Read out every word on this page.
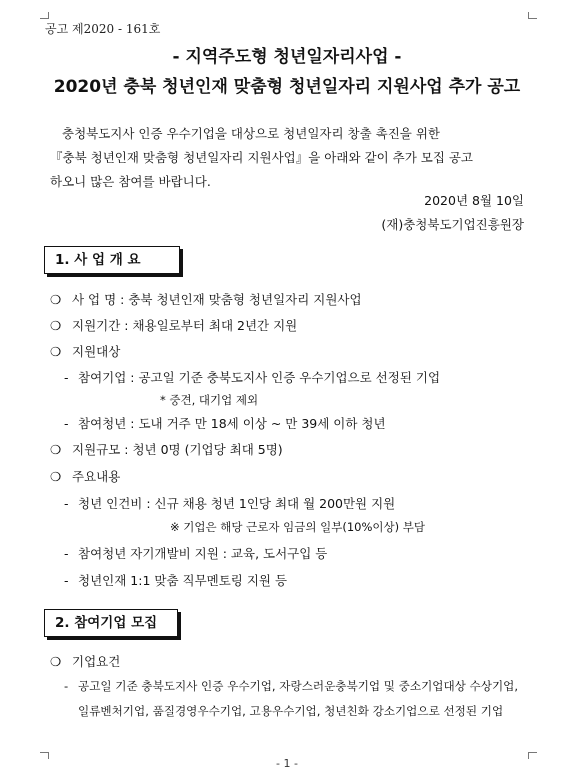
공고 제2020 - 161호
- 지역주도형 청년일자리사업 -
2020년 충북 청년인재 맞춤형 청년일자리 지원사업 추가 공고

충청북도지사 인증 우수기업을 대상으로 청년일자리 창출 촉진을 위한

『충북 청년인재 맞춤형 청년일자리 지원사업』을 아래와 같이 추가 모집 공고

하오니 많은 참여를 바랍니다.

2020년 8월 10일
(재)충청북도기업진흥원장
1. 사 업 개 요
❍ 사 업 명 : 충북 청년인재 맞춤형 청년일자리 지원사업
❍ 지원기간 : 채용일로부터 최대 2년간 지원
❍ 지원대상
- 참여기업 : 공고일 기준 충북도지사 인증 우수기업으로 선정된 기업
* 중견, 대기업 제외
- 참여청년 : 도내 거주 만 18세 이상 ~ 만 39세 이하 청년
❍ 지원규모 : 청년 0명 (기업당 최대 5명)
❍ 주요내용
- 청년 인건비 : 신규 채용 청년 1인당 최대 월 200만원 지원
※ 기업은 해당 근로자 임금의 일부(10%이상) 부담
- 참여청년 자기개발비 지원 : 교육, 도서구입 등
- 청년인재 1:1 맞춤 직무멘토링 지원 등
2. 참여기업 모집
❍ 기업요건
- 공고일 기준 충북도지사 인증 우수기업, 자랑스러운충북기업 및 중소기업대상 수상기업,
일류벤처기업, 품질경영우수기업, 고용우수기업, 청년친화 강소기업으로 선정된 기업
- 1 -
